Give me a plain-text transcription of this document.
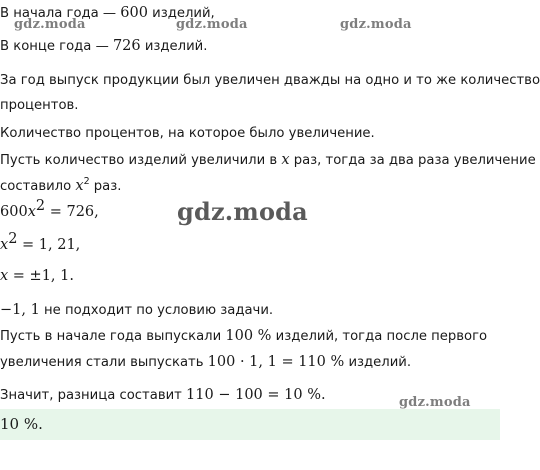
В начала года — 600 изделий,
В конце года — 726 изделий.
За год выпуск продукции был увеличен дважды на одно и то же количество
процентов.
Количество процентов, на которое было увеличение.
Пусть количество изделий увеличили в x раз, тогда за два раза увеличение
составило $x^2$ раз.
$600x^2 = 726$,
$x^2 = 1$, 21,
x = ±1, 1.
−1, 1 не подходит по условию задачи.
Пусть в начале года выпускали 100 % изделий, тогда после первого
увеличения стали выпускать 100 · 1, 1 = 110 % изделий.
Значит, разница составит 110 − 100 = 10 %.
10 %.
gdz.moda	gdz.moda	gdz.moda
gdz.moda
gdz.moda
